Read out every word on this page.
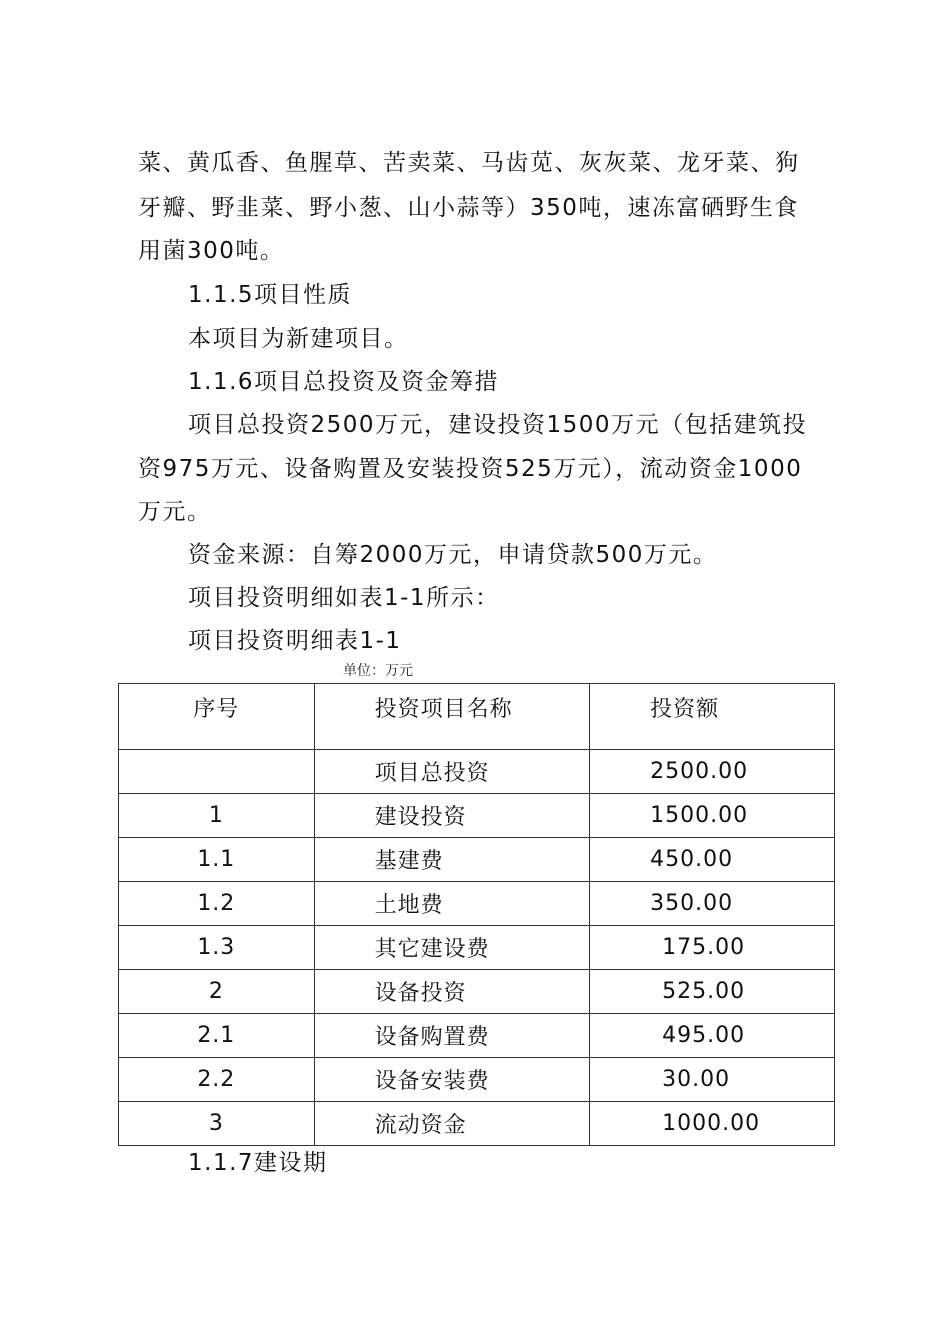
菜、黄瓜香、鱼腥草、苦卖菜、马齿苋、灰灰菜、龙牙菜、狗
牙瓣、野韭菜、野小葱、山小蒜等）350吨，速冻富硒野生食
用菌300吨。
1.1.5项目性质
本项目为新建项目。
1.1.6项目总投资及资金筹措
项目总投资2500万元，建设投资1500万元（包括建筑投
资975万元、设备购置及安装投资525万元），流动资金1000
万元。
资金来源：自筹2000万元，申请贷款500万元。
项目投资明细如表1-1所示：
项目投资明细表1-1
单位：万元
序号	投资项目名称	投资额
	项目总投资	2500.00
1	建设投资	1500.00
1.1	基建费	450.00
1.2	土地费	350.00
1.3	其它建设费	175.00
2	设备投资	525.00
2.1	设备购置费	495.00
2.2	设备安装费	30.00
3	流动资金	1000.00
1.1.7建设期
